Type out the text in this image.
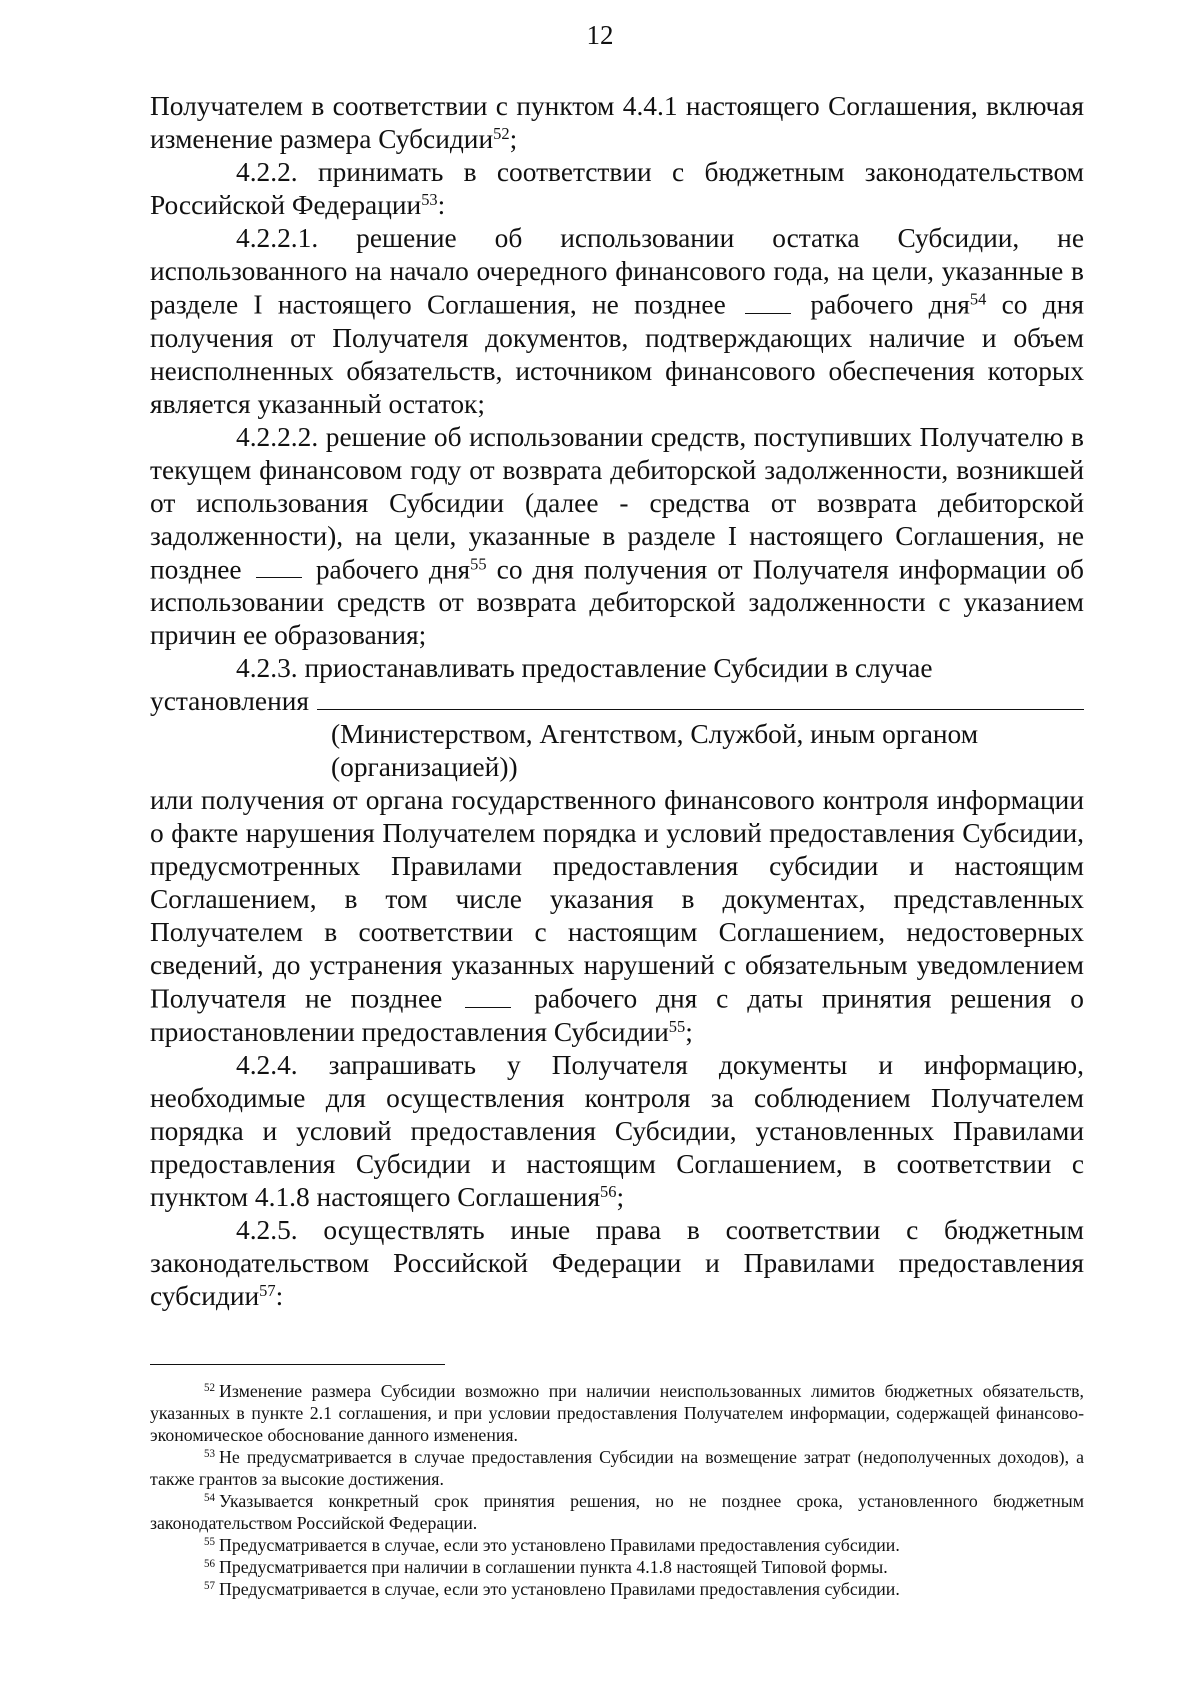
12

Получателем в соответствии с пунктом 4.4.1 настоящего Соглашения, включая изменение размера Субсидии$^{52}$;

4.2.2. принимать в соответствии с бюджетным законодательством Российской Федерации$^{53}$:

4.2.2.1. решение об использовании остатка Субсидии, не использованного на начало очередного финансового года, на цели, указанные в разделе I настоящего Соглашения, не позднее	рабочего дня$^{54}$ со дня получения от Получателя документов, подтверждающих наличие и объем неисполненных обязательств, источником финансового обеспечения которых является указанный остаток;

4.2.2.2. решение об использовании средств, поступивших Получателю в текущем финансовом году от возврата дебиторской задолженности, возникшей от использования Субсидии (далее - средства от возврата дебиторской задолженности), на цели, указанные в разделе I настоящего Соглашения, не позднее	рабочего дня$^{55}$ со дня получения от Получателя информации об использовании средств от возврата дебиторской задолженности с указанием причин ее образования;

4.2.3. приостанавливать предоставление Субсидии в случае

установления
(Министерством, Агентством, Службой, иным органом (организацией))

или получения от органа государственного финансового контроля информации о факте нарушения Получателем порядка и условий предоставления Субсидии, предусмотренных Правилами предоставления субсидии и настоящим Соглашением, в том числе указания в документах, представленных Получателем в соответствии с настоящим Соглашением, недостоверных сведений, до устранения указанных нарушений с обязательным уведомлением Получателя не позднее	рабочего дня с даты принятия решения о приостановлении предоставления Субсидии$^{55}$;

4.2.4. запрашивать у Получателя документы и информацию, необходимые для осуществления контроля за соблюдением Получателем порядка и условий предоставления Субсидии, установленных Правилами предоставления Субсидии и настоящим Соглашением, в соответствии с пунктом 4.1.8 настоящего Соглашения$^{56}$;

4.2.5. осуществлять иные права в соответствии с бюджетным законодательством Российской Федерации и Правилами предоставления субсидии$^{57}$:

$^{52}$ Изменение размера Субсидии возможно при наличии неиспользованных лимитов бюджетных обязательств, указанных в пункте 2.1 соглашения, и при условии предоставления Получателем информации, содержащей финансово-экономическое обоснование данного изменения.

$^{53}$ Не предусматривается в случае предоставления Субсидии на возмещение затрат (недополученных доходов), а также грантов за высокие достижения.

$^{54}$ Указывается конкретный срок принятия решения, но не позднее срока, установленного бюджетным законодательством Российской Федерации.

$^{55}$ Предусматривается в случае, если это установлено Правилами предоставления субсидии.

$^{56}$ Предусматривается при наличии в соглашении пункта 4.1.8 настоящей Типовой формы.

$^{57}$ Предусматривается в случае, если это установлено Правилами предоставления субсидии.
